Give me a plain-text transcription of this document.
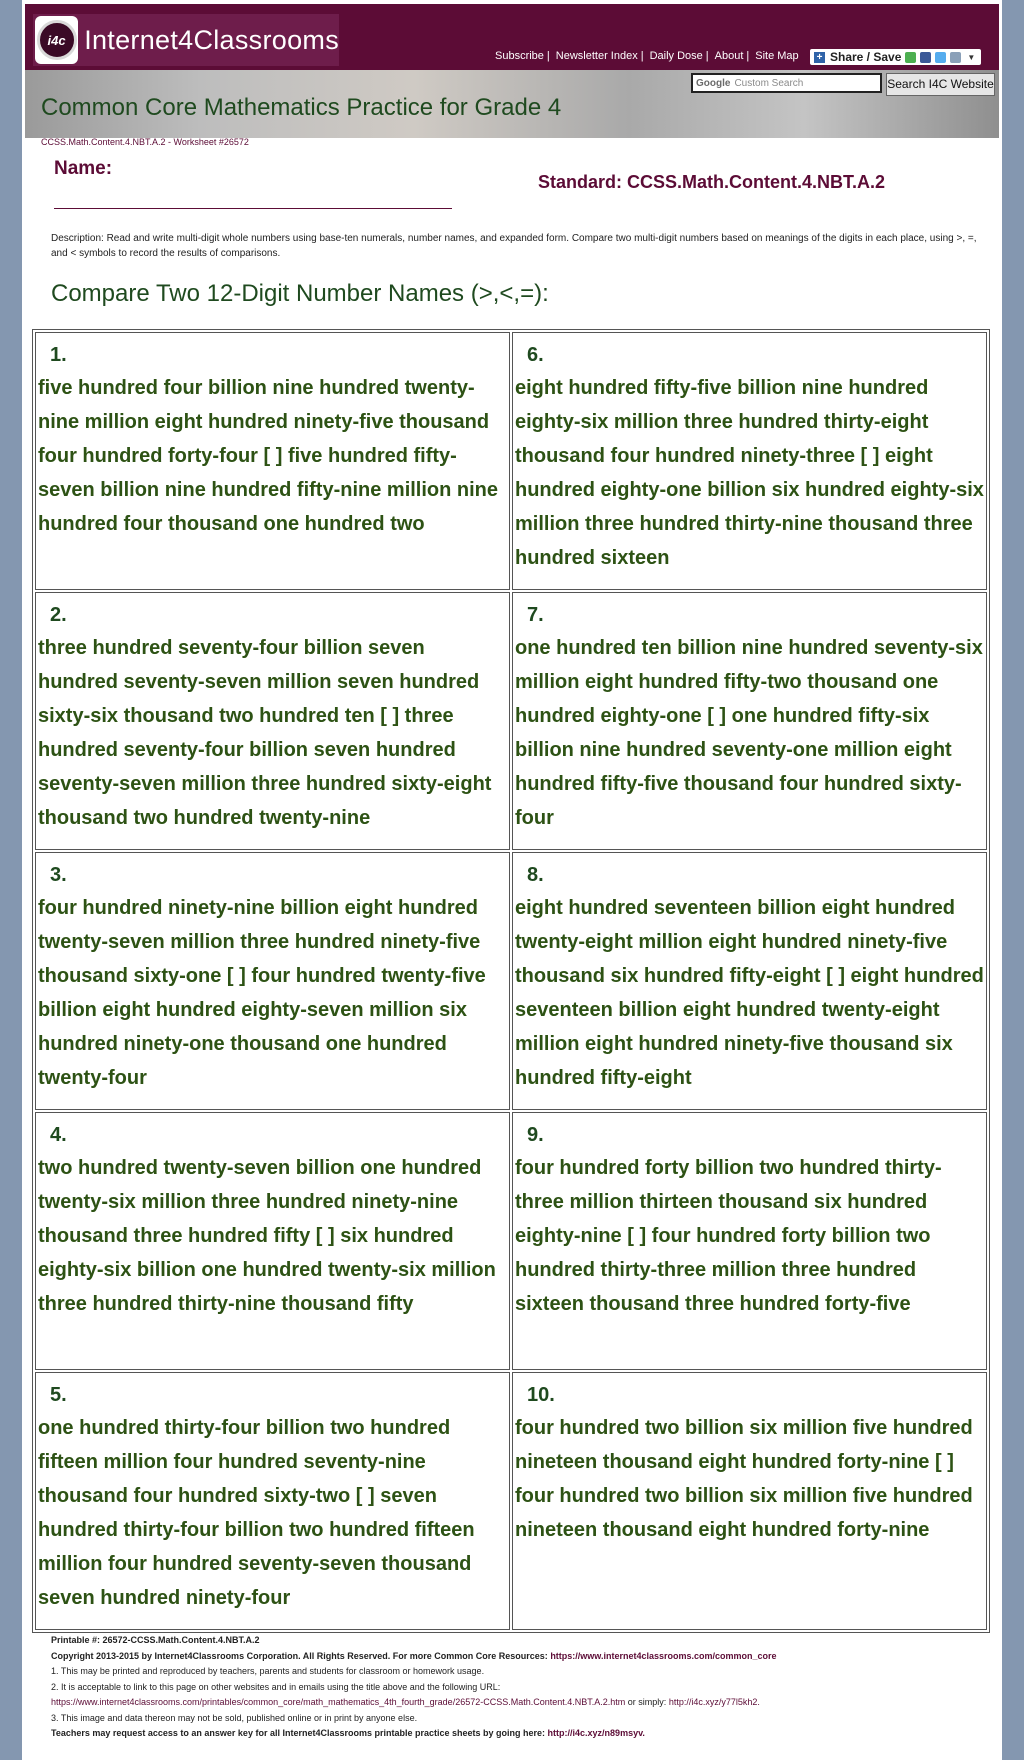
i4c Internet4Classrooms
Subscribe | Newsletter Index | Daily Dose | About | Site Map + Share / Save	▼
Google Custom Search	Search I4C Website
Common Core Mathematics Practice for Grade 4
CCSS.Math.Content.4.NBT.A.2 - Worksheet #26572
Name:
Standard: CCSS.Math.Content.4.NBT.A.2
Description: Read and write multi-digit whole numbers using base-ten numerals, number names, and expanded form. Compare two multi-digit numbers based on meanings of the digits in each place, using >, =, and < symbols to record the results of comparisons.
Compare Two 12-Digit Number Names (>,<,=):
1.
five hundred four billion nine hundred twenty-nine million eight hundred ninety-five thousand four hundred forty-four [ ] five hundred fifty-seven billion nine hundred fifty-nine million nine hundred four thousand one hundred two
6.
eight hundred fifty-five billion nine hundred eighty-six million three hundred thirty-eight thousand four hundred ninety-three [ ] eight hundred eighty-one billion six hundred eighty-six million three hundred thirty-nine thousand three hundred sixteen
2.
three hundred seventy-four billion seven hundred seventy-seven million seven hundred sixty-six thousand two hundred ten [ ] three hundred seventy-four billion seven hundred seventy-seven million three hundred sixty-eight thousand two hundred twenty-nine
7.
one hundred ten billion nine hundred seventy-six million eight hundred fifty-two thousand one hundred eighty-one [ ] one hundred fifty-six billion nine hundred seventy-one million eight hundred fifty-five thousand four hundred sixty-four
3.
four hundred ninety-nine billion eight hundred twenty-seven million three hundred ninety-five thousand sixty-one [ ] four hundred twenty-five billion eight hundred eighty-seven million six hundred ninety-one thousand one hundred twenty-four
8.
eight hundred seventeen billion eight hundred twenty-eight million eight hundred ninety-five thousand six hundred fifty-eight [ ] eight hundred seventeen billion eight hundred twenty-eight million eight hundred ninety-five thousand six hundred fifty-eight
4.
two hundred twenty-seven billion one hundred twenty-six million three hundred ninety-nine thousand three hundred fifty [ ] six hundred eighty-six billion one hundred twenty-six million three hundred thirty-nine thousand fifty
9.
four hundred forty billion two hundred thirty-three million thirteen thousand six hundred eighty-nine [ ] four hundred forty billion two hundred thirty-three million three hundred sixteen thousand three hundred forty-five
5.
one hundred thirty-four billion two hundred fifteen million four hundred seventy-nine thousand four hundred sixty-two [ ] seven hundred thirty-four billion two hundred fifteen million four hundred seventy-seven thousand seven hundred ninety-four
10.
four hundred two billion six million five hundred nineteen thousand eight hundred forty-nine [ ] four hundred two billion six million five hundred nineteen thousand eight hundred forty-nine
Printable #: 26572-CCSS.Math.Content.4.NBT.A.2
Copyright 2013-2015 by Internet4Classrooms Corporation. All Rights Reserved. For more Common Core Resources: https://www.internet4classrooms.com/common_core
1. This may be printed and reproduced by teachers, parents and students for classroom or homework usage.
2. It is acceptable to link to this page on other websites and in emails using the title above and the following URL:
https://www.internet4classrooms.com/printables/common_core/math_mathematics_4th_fourth_grade/26572-CCSS.Math.Content.4.NBT.A.2.htm or simply: http://i4c.xyz/y77l5kh2.
3. This image and data thereon may not be sold, published online or in print by anyone else.
Teachers may request access to an answer key for all Internet4Classrooms printable practice sheets by going here: http://i4c.xyz/n89msyv.
